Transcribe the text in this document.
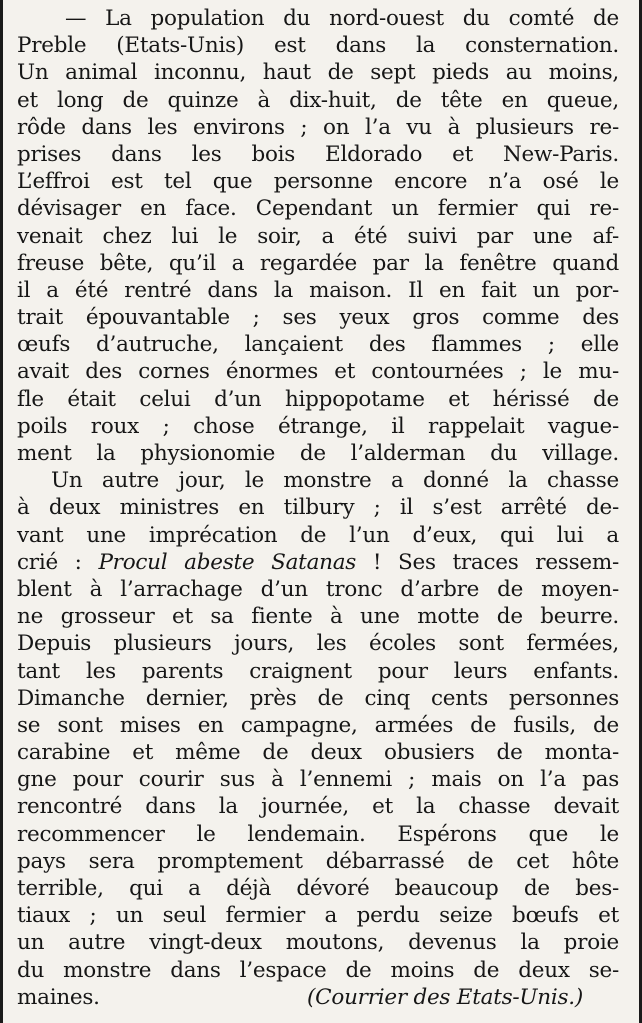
— La population du nord-ouest du comté de
Preble (Etats-Unis) est dans la consternation.
Un animal inconnu, haut de sept pieds au moins,
et long de quinze à dix-huit, de tête en queue,
rôde dans les environs ; on l’a vu à plusieurs re-
prises dans les bois Eldorado et New-Paris.
L’effroi est tel que personne encore n’a osé le
dévisager en face. Cependant un fermier qui re-
venait chez lui le soir, a été suivi par une af-
freuse bête, qu’il a regardée par la fenêtre quand
il a été rentré dans la maison. Il en fait un por-
trait épouvantable ; ses yeux gros comme des
œufs d’autruche, lançaient des flammes ; elle
avait des cornes énormes et contournées ; le mu-
fle était celui d’un hippopotame et hérissé de
poils roux ; chose étrange, il rappelait vague-
ment la physionomie de l’alderman du village.
Un autre jour, le monstre a donné la chasse
à deux ministres en tilbury ; il s’est arrêté de-
vant une imprécation de l’un d’eux, qui lui a
crié : Procul abeste Satanas ! Ses traces ressem-
blent à l’arrachage d’un tronc d’arbre de moyen-
ne grosseur et sa fiente à une motte de beurre.
Depuis plusieurs jours, les écoles sont fermées,
tant les parents craignent pour leurs enfants.
Dimanche dernier, près de cinq cents personnes
se sont mises en campagne, armées de fusils, de
carabine et même de deux obusiers de monta-
gne pour courir sus à l’ennemi ; mais on l’a pas
rencontré dans la journée, et la chasse devait
recommencer le lendemain. Espérons que le
pays sera promptement débarrassé de cet hôte
terrible, qui a déjà dévoré beaucoup de bes-
tiaux ; un seul fermier a perdu seize bœufs et
un autre vingt-deux moutons, devenus la proie
du monstre dans l’espace de moins de deux se-
maines.	(Courrier des Etats-Unis.)
